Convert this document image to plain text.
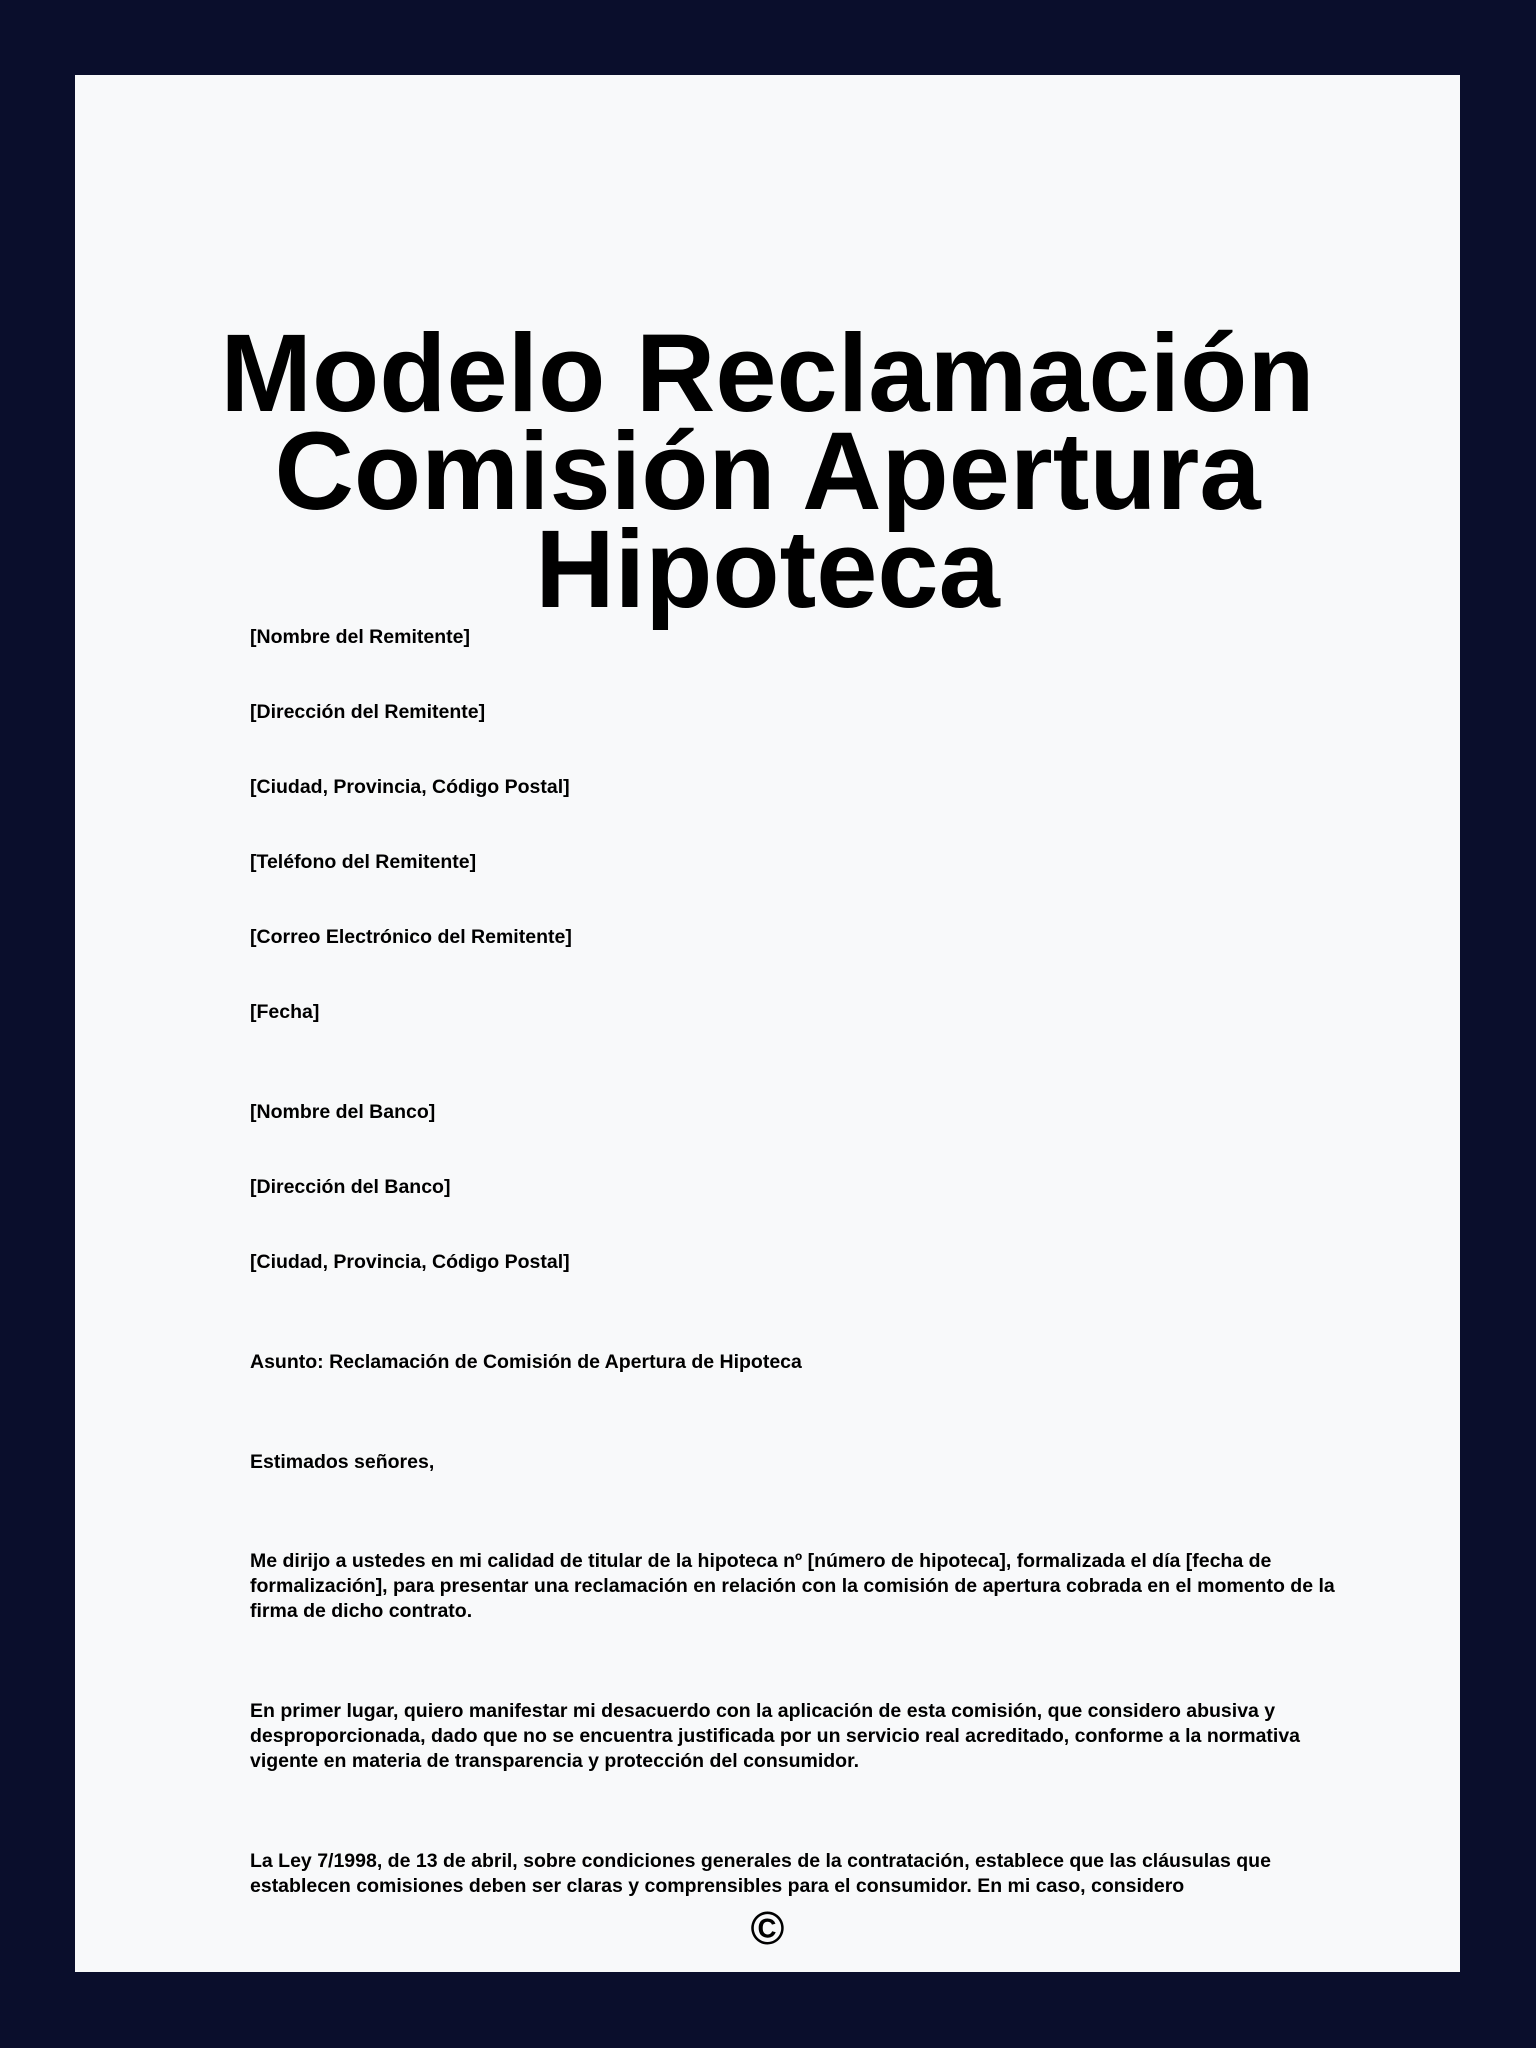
Modelo Reclamación Comisión Apertura Hipoteca
[Nombre del Remitente]
[Dirección del Remitente]
[Ciudad, Provincia, Código Postal]
[Teléfono del Remitente]
[Correo Electrónico del Remitente]
[Fecha]
[Nombre del Banco]
[Dirección del Banco]
[Ciudad, Provincia, Código Postal]
Asunto: Reclamación de Comisión de Apertura de Hipoteca
Estimados señores,
Me dirijo a ustedes en mi calidad de titular de la hipoteca nº [número de hipoteca], formalizada el día [fecha de formalización], para presentar una reclamación en relación con la comisión de apertura cobrada en el momento de la firma de dicho contrato.
En primer lugar, quiero manifestar mi desacuerdo con la aplicación de esta comisión, que considero abusiva y desproporcionada, dado que no se encuentra justificada por un servicio real acreditado, conforme a la normativa vigente en materia de transparencia y protección del consumidor.
La Ley 7/1998, de 13 de abril, sobre condiciones generales de la contratación, establece que las cláusulas que establecen comisiones deben ser claras y comprensibles para el consumidor. En mi caso, considero
©
